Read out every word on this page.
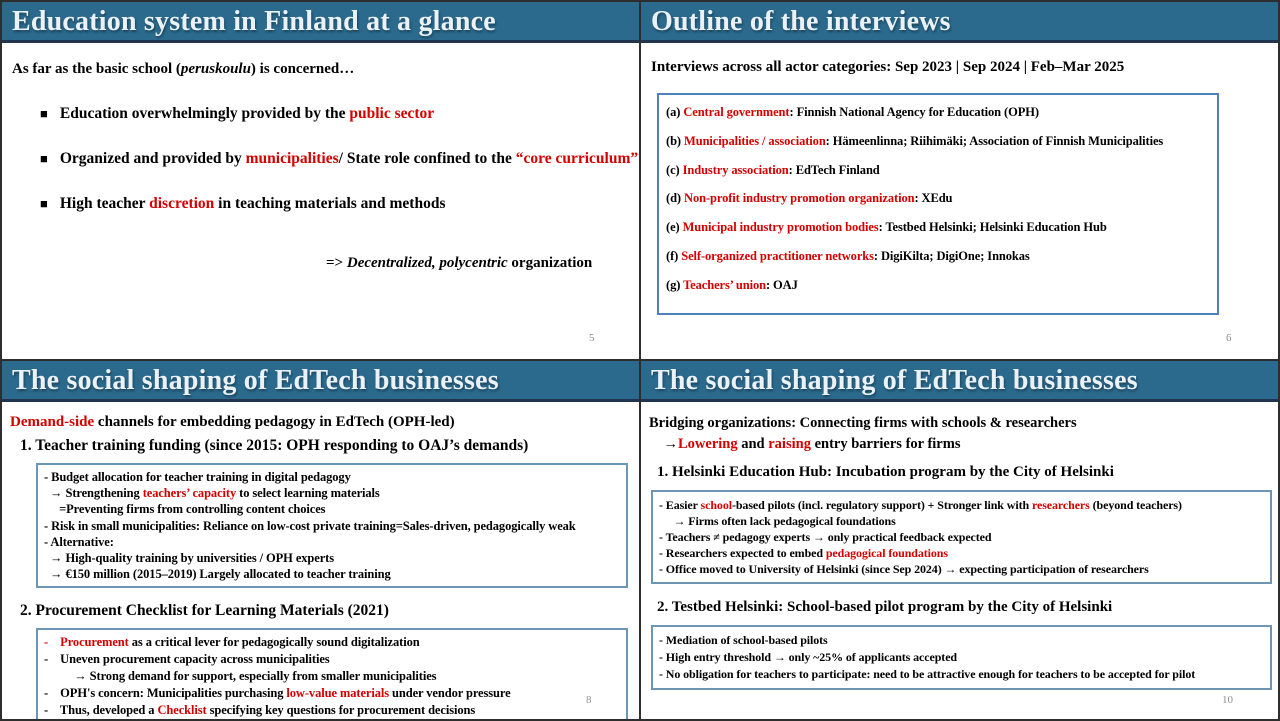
Education system in Finland at a glance
As far as the basic school (peruskoulu) is concerned…
■ Education overwhelmingly provided by the public sector
■ Organized and provided by municipalities/ State role confined to the “core curriculum”
■ High teacher discretion in teaching materials and methods
=> Decentralized, polycentric organization
5
Outline of the interviews
Interviews across all actor categories: Sep 2023 | Sep 2024 | Feb–Mar 2025
(a) Central government: Finnish National Agency for Education (OPH)
(b) Municipalities / association: Hämeenlinna; Riihimäki; Association of Finnish Municipalities
(c) Industry association: EdTech Finland
(d) Non-profit industry promotion organization: XEdu
(e) Municipal industry promotion bodies: Testbed Helsinki; Helsinki Education Hub
(f) Self-organized practitioner networks: DigiKilta; DigiOne; Innokas
(g) Teachers’ union: OAJ
6
The social shaping of EdTech businesses
Demand-side channels for embedding pedagogy in EdTech (OPH-led)
1. Teacher training funding (since 2015: OPH responding to OAJ’s demands)
- Budget allocation for teacher training in digital pedagogy
→ Strengthening teachers’ capacity to select learning materials
=Preventing firms from controlling content choices
- Risk in small municipalities: Reliance on low-cost private training=Sales-driven, pedagogically weak
- Alternative:
→ High-quality training by universities / OPH experts
→ €150 million (2015–2019) Largely allocated to teacher training
2. Procurement Checklist for Learning Materials (2021)
-    Procurement as a critical lever for pedagogically sound digitalization
-    Uneven procurement capacity across municipalities
→ Strong demand for support, especially from smaller municipalities
-    OPH's concern: Municipalities purchasing low-value materials under vendor pressure
-    Thus, developed a Checklist specifying key questions for procurement decisions
8
The social shaping of EdTech businesses
Bridging organizations: Connecting firms with schools & researchers
→Lowering and raising entry barriers for firms
1. Helsinki Education Hub: Incubation program by the City of Helsinki
- Easier school-based pilots (incl. regulatory support) + Stronger link with researchers (beyond teachers)
→ Firms often lack pedagogical foundations
- Teachers ≠ pedagogy experts → only practical feedback expected
- Researchers expected to embed pedagogical foundations
- Office moved to University of Helsinki (since Sep 2024) → expecting participation of researchers
2. Testbed Helsinki: School-based pilot program by the City of Helsinki
- Mediation of school-based pilots
- High entry threshold → only ~25% of applicants accepted
- No obligation for teachers to participate: need to be attractive enough for teachers to be accepted for pilot
10
